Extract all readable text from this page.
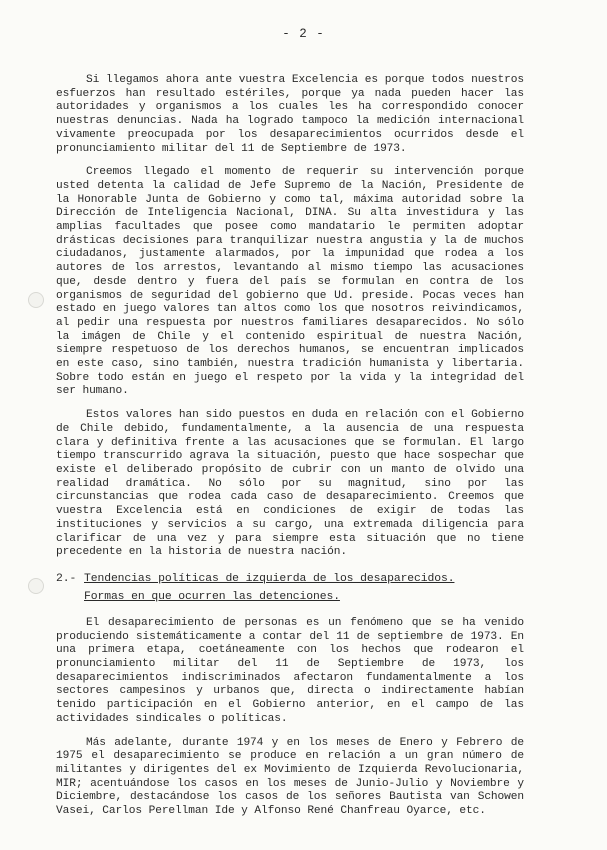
- 2 -

Si llegamos ahora ante vuestra Excelencia es porque todos nuestros esfuerzos han resultado estériles, porque ya nada pueden hacer las autoridades y organismos a los cuales les ha correspondido conocer nuestras denuncias. Nada ha logrado tampoco la medición internacional vivamente preocupada por los desaparecimientos ocurridos desde el pronunciamiento militar del 11 de Septiembre de 1973.

Creemos llegado el momento de requerir su intervención porque usted detenta la calidad de Jefe Supremo de la Nación, Presidente de la Honorable Junta de Gobierno y como tal, máxima autoridad sobre la Dirección de Inteligencia Nacional, DINA. Su alta investidura y las amplias facultades que posee como mandatario le permiten adoptar drásticas decisiones para tranquilizar nuestra angustia y la de muchos ciudadanos, justamente alarmados, por la impunidad que rodea a los autores de los arrestos, levantando al mismo tiempo las acusaciones que, desde dentro y fuera del país se formulan en contra de los organismos de seguridad del gobierno que Ud. preside. Pocas veces han estado en juego valores tan altos como los que nosotros reivindicamos, al pedir una respuesta por nuestros familiares desaparecidos. No sólo la imágen de Chile y el contenido espiritual de nuestra Nación, siempre respetuoso de los derechos humanos, se encuentran implicados en este caso, sino también, nuestra tradición humanista y libertaria. Sobre todo están en juego el respeto por la vida y la integridad del ser humano.

Estos valores han sido puestos en duda en relación con el Gobierno de Chile debido, fundamentalmente, a la ausencia de una respuesta clara y definitiva frente a las acusaciones que se formulan. El largo tiempo transcurrido agrava la situación, puesto que hace sospechar que existe el deliberado propósito de cubrir con un manto de olvido una realidad dramática. No sólo por su magnitud, sino por las circunstancias que rodea cada caso de desaparecimiento. Creemos que vuestra Excelencia está en condiciones de exigir de todas las instituciones y servicios a su cargo, una extremada diligencia para clarificar de una vez y para siempre esta situación que no tiene precedente en la historia de nuestra nación.

2.- Tendencias políticas de izquierda de los desaparecidos.
Formas en que ocurren las detenciones.

El desaparecimiento de personas es un fenómeno que se ha venido produciendo sistemáticamente a contar del 11 de septiembre de 1973. En una primera etapa, coetáneamente con los hechos que rodearon el pronunciamiento militar del 11 de Septiembre de 1973, los desaparecimientos indiscriminados afectaron fundamentalmente a los sectores campesinos y urbanos que, directa o indirectamente habían tenido participación en el Gobierno anterior, en el campo de las actividades sindicales o políticas.

Más adelante, durante 1974 y en los meses de Enero y Febrero de 1975 el desaparecimiento se produce en relación a un gran número de militantes y dirigentes del ex Movimiento de Izquierda Revolucionaria, MIR; acentuándose los casos en los meses de Junio-Julio y Noviembre y Diciembre, destacándose los casos de los señores Bautista van Schowen Vasei, Carlos Perellman Ide y Alfonso René Chanfreau Oyarce, etc.
